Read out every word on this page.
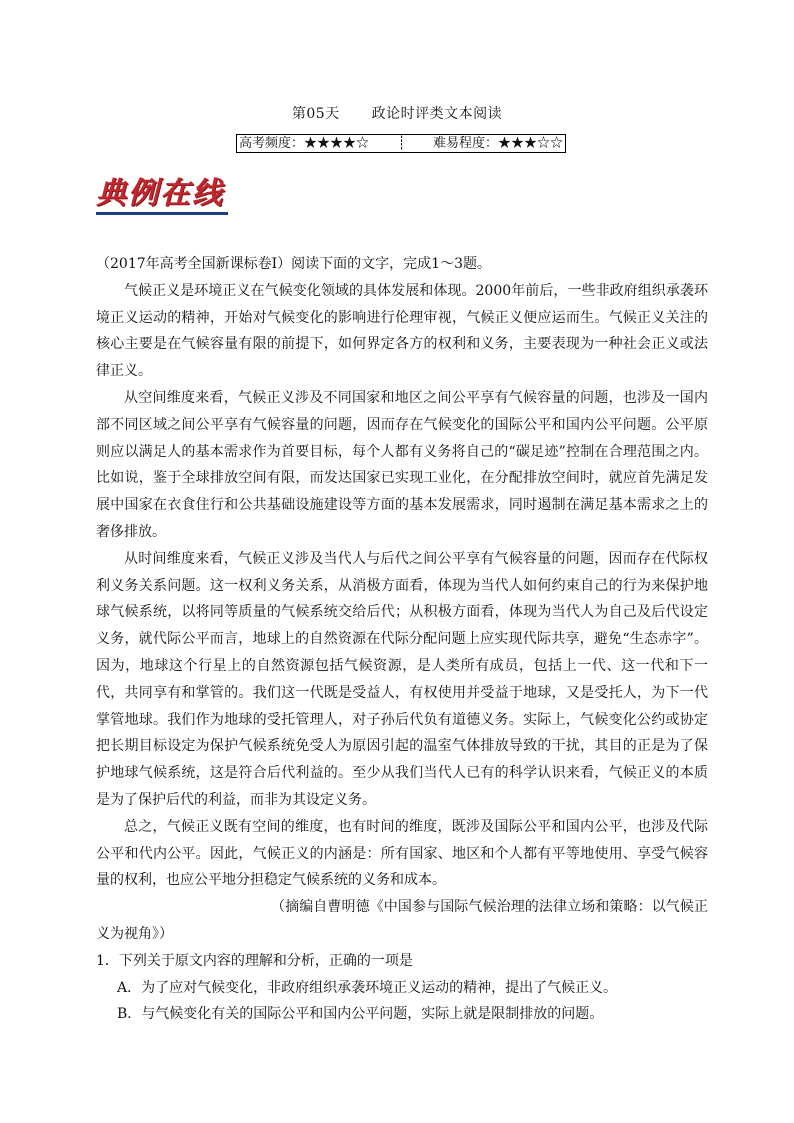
第05天 政论时评类文本阅读
高考频度：★★★★☆ ┊ 难易程度：★★★☆☆
典例在线

（2017年高考全国新课标卷Ⅰ）阅读下面的文字，完成1～3题。

气候正义是环境正义在气候变化领域的具体发展和体现。2000年前后，一些非政府组织承袭环境正义运动的精神，开始对气候变化的影响进行伦理审视，气候正义便应运而生。气候正义关注的核心主要是在气候容量有限的前提下，如何界定各方的权利和义务，主要表现为一种社会正义或法律正义。

从空间维度来看，气候正义涉及不同国家和地区之间公平享有气候容量的问题，也涉及一国内部不同区域之间公平享有气候容量的问题，因而存在气候变化的国际公平和国内公平问题。公平原则应以满足人的基本需求作为首要目标，每个人都有义务将自己的“碳足迹”控制在合理范围之内。比如说，鉴于全球排放空间有限，而发达国家已实现工业化，在分配排放空间时，就应首先满足发展中国家在衣食住行和公共基础设施建设等方面的基本发展需求，同时遏制在满足基本需求之上的奢侈排放。

从时间维度来看，气候正义涉及当代人与后代之间公平享有气候容量的问题，因而存在代际权利义务关系问题。这一权利义务关系，从消极方面看，体现为当代人如何约束自己的行为来保护地球气候系统，以将同等质量的气候系统交给后代；从积极方面看，体现为当代人为自己及后代设定义务，就代际公平而言，地球上的自然资源在代际分配问题上应实现代际共享，避免“生态赤字”。因为，地球这个行星上的自然资源包括气候资源，是人类所有成员，包括上一代、这一代和下一代，共同享有和掌管的。我们这一代既是受益人，有权使用并受益于地球，又是受托人，为下一代掌管地球。我们作为地球的受托管理人，对子孙后代负有道德义务。实际上，气候变化公约或协定把长期目标设定为保护气候系统免受人为原因引起的温室气体排放导致的干扰，其目的正是为了保护地球气候系统，这是符合后代利益的。至少从我们当代人已有的科学认识来看，气候正义的本质是为了保护后代的利益，而非为其设定义务。

总之，气候正义既有空间的维度，也有时间的维度，既涉及国际公平和国内公平，也涉及代际公平和代内公平。因此，气候正义的内涵是：所有国家、地区和个人都有平等地使用、享受气候容量的权利，也应公平地分担稳定气候系统的义务和成本。

（摘编自曹明德《中国参与国际气候治理的法律立场和策略：以气候正义为视角》）

1．下列关于原文内容的理解和分析，正确的一项是

A．为了应对气候变化，非政府组织承袭环境正义运动的精神，提出了气候正义。

B．与气候变化有关的国际公平和国内公平问题，实际上就是限制排放的问题。
